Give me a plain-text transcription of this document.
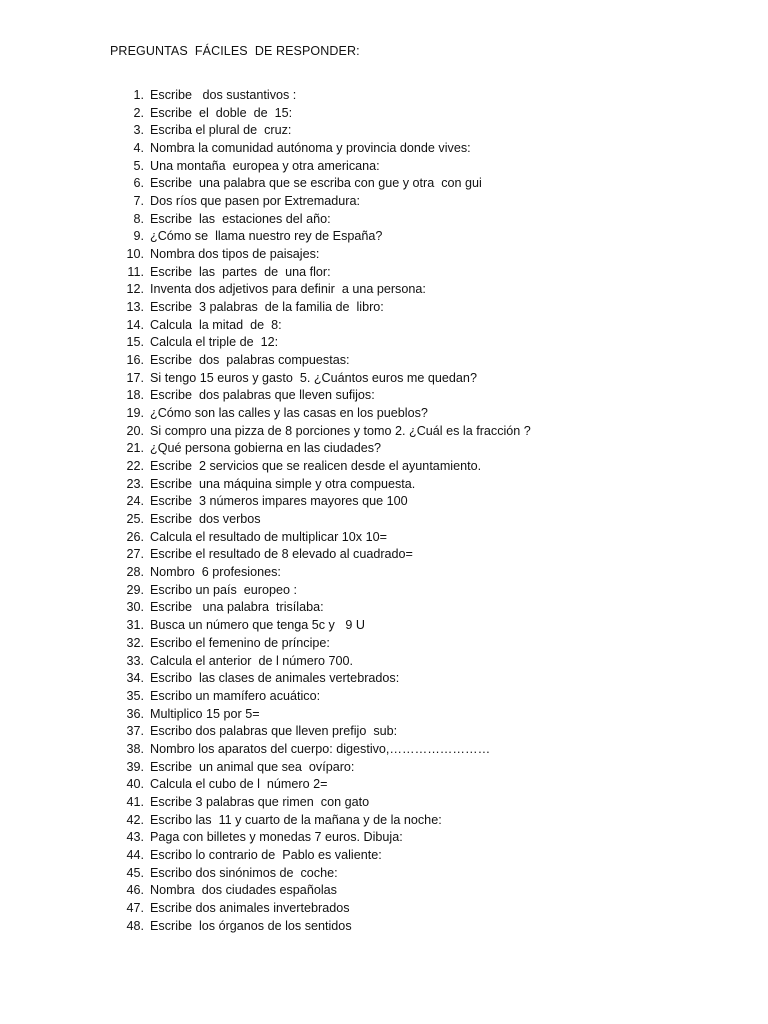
PREGUNTAS  FÁCILES  DE RESPONDER:

1. Escribe   dos sustantivos :
2. Escribe  el  doble  de  15:
3. Escriba el plural de  cruz:
4. Nombra la comunidad autónoma y provincia donde vives:
5. Una montaña  europea y otra americana:
6. Escribe  una palabra que se escriba con gue y otra  con gui
7. Dos ríos que pasen por Extremadura:
8. Escribe  las  estaciones del año:
9. ¿Cómo se  llama nuestro rey de España?
10. Nombra dos tipos de paisajes:
11. Escribe  las  partes  de  una flor:
12. Inventa dos adjetivos para definir  a una persona:
13. Escribe  3 palabras  de la familia de  libro:
14. Calcula  la mitad  de  8:
15. Calcula el triple de  12:
16. Escribe  dos  palabras compuestas:
17. Si tengo 15 euros y gasto  5. ¿Cuántos euros me quedan?
18. Escribe  dos palabras que lleven sufijos:
19. ¿Cómo son las calles y las casas en los pueblos?
20. Si compro una pizza de 8 porciones y tomo 2. ¿Cuál es la fracción ?
21. ¿Qué persona gobierna en las ciudades?
22. Escribe  2 servicios que se realicen desde el ayuntamiento.
23. Escribe  una máquina simple y otra compuesta.
24. Escribe  3 números impares mayores que 100
25. Escribe  dos verbos
26. Calcula el resultado de multiplicar 10x 10=
27. Escribe el resultado de 8 elevado al cuadrado=
28. Nombro  6 profesiones:
29. Escribo un país  europeo :
30. Escribe   una palabra  trisílaba:
31. Busca un número que tenga 5c y   9 U
32. Escribo el femenino de príncipe:
33. Calcula el anterior  de l número 700.
34. Escribo  las clases de animales vertebrados:
35. Escribo un mamífero acuático:
36. Multiplico 15 por 5=
37. Escribo dos palabras que lleven prefijo  sub:
38. Nombro los aparatos del cuerpo: digestivo,……………………
39. Escribe  un animal que sea  ovíparo:
40. Calcula el cubo de l  número 2=
41. Escribe 3 palabras que rimen  con gato
42. Escribo las  11 y cuarto de la mañana y de la noche:
43. Paga con billetes y monedas 7 euros. Dibuja:
44. Escribo lo contrario de  Pablo es valiente:
45. Escribo dos sinónimos de  coche:
46. Nombra  dos ciudades españolas
47. Escribe dos animales invertebrados
48. Escribe  los órganos de los sentidos
